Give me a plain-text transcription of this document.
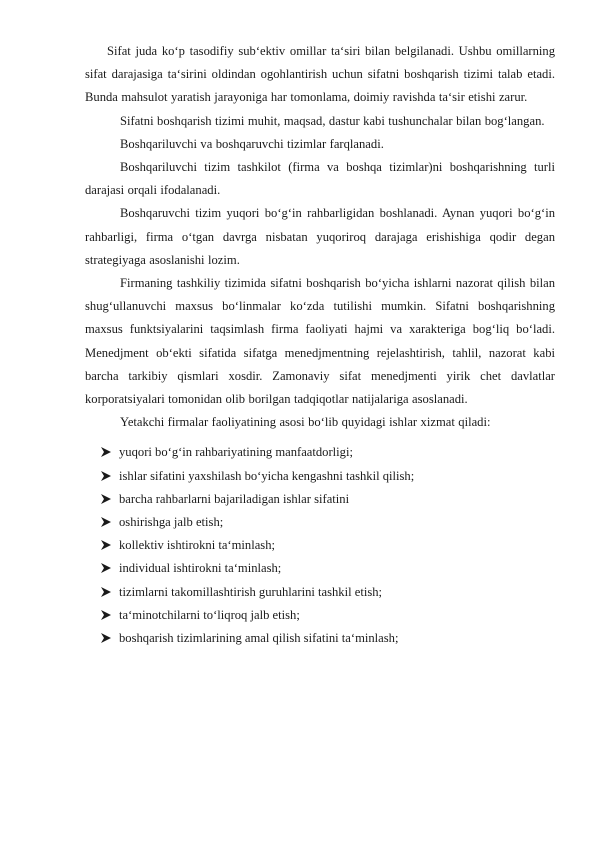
Sifat juda ko‘p tasodifiy sub‘ektiv omillar ta‘siri bilan belgilanadi. Ushbu omillarning sifat darajasiga ta‘sirini oldindan ogohlantirish uchun sifatni boshqarish tizimi talab etadi. Bunda mahsulot yaratish jarayoniga har tomonlama, doimiy ravishda ta‘sir etishi zarur.

Sifatni boshqarish tizimi muhit, maqsad, dastur kabi tushunchalar bilan bog‘langan.

Boshqariluvchi va boshqaruvchi tizimlar farqlanadi.

Boshqariluvchi tizim tashkilot (firma va boshqa tizimlar)ni boshqarishning turli darajasi orqali ifodalanadi.

Boshqaruvchi tizim yuqori bo‘g‘in rahbarligidan boshlanadi. Aynan yuqori bo‘g‘in rahbarligi, firma o‘tgan davrga nisbatan yuqoriroq darajaga erishishiga qodir degan strategiyaga asoslanishi lozim.

Firmaning tashkiliy tizimida sifatni boshqarish bo‘yicha ishlarni nazorat qilish bilan shug‘ullanuvchi maxsus bo‘linmalar ko‘zda tutilishi mumkin. Sifatni boshqarishning maxsus funktsiyalarini taqsimlash firma faoliyati hajmi va xarakteriga bog‘liq bo‘ladi. Menedjment ob‘ekti sifatida sifatga menedjmentning rejelashtirish, tahlil, nazorat kabi barcha tarkibiy qismlari xosdir. Zamonaviy sifat menedjmenti yirik chet davlatlar korporatsiyalari tomonidan olib borilgan tadqiqotlar natijalariga asoslanadi.

Yetakchi firmalar faoliyatining asosi bo‘lib quyidagi ishlar xizmat qiladi:

yuqori bo‘g‘in rahbariyatining manfaatdorligi;
ishlar sifatini yaxshilash bo‘yicha kengashni tashkil qilish;
barcha rahbarlarni bajariladigan ishlar sifatini
oshirishga jalb etish;
kollektiv ishtirokni ta‘minlash;
individual ishtirokni ta‘minlash;
tizimlarni takomillashtirish guruhlarini tashkil etish;
ta‘minotchilarni to‘liqroq jalb etish;
boshqarish tizimlarining amal qilish sifatini ta‘minlash;
